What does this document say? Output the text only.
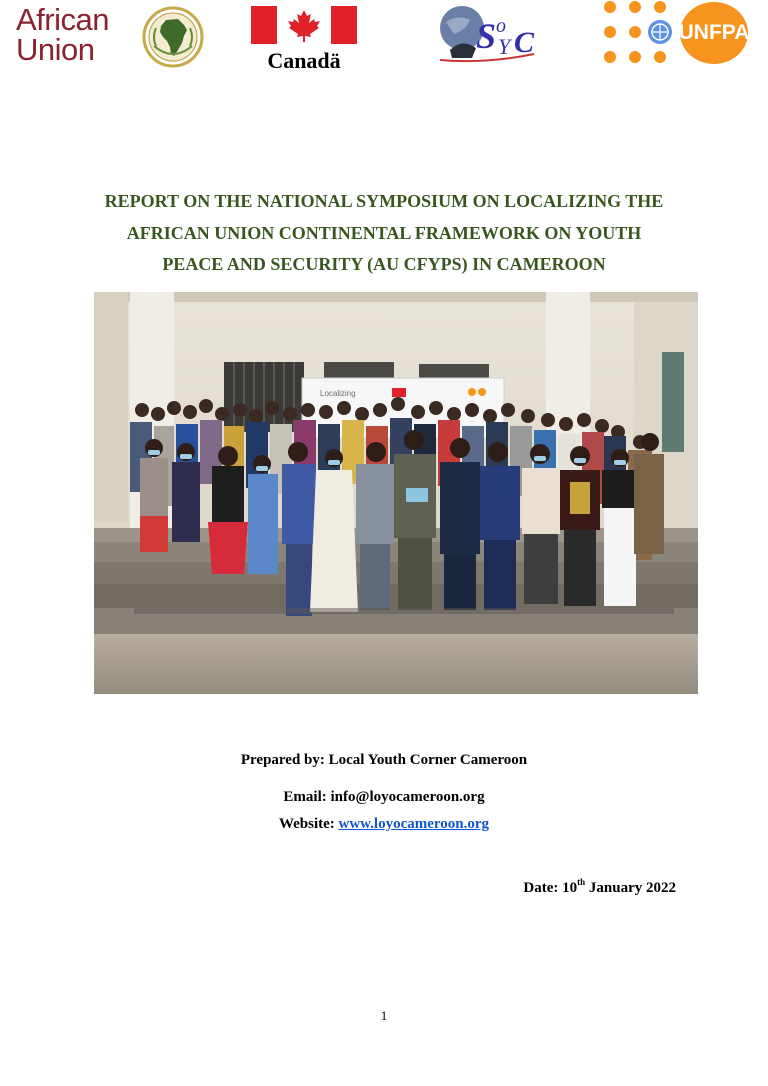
African
Union	Canadä
S o
Y C	UNFPA
REPORT ON THE NATIONAL SYMPOSIUM ON LOCALIZING THE
AFRICAN UNION CONTINENTAL FRAMEWORK ON YOUTH
PEACE AND SECURITY (AU CFYPS) IN CAMEROON
Localizing
Prepared by: Local Youth Corner Cameroon
Email: info@loyocameroon.org
Website: www.loyocameroon.org
Date: 10th January 2022
1
